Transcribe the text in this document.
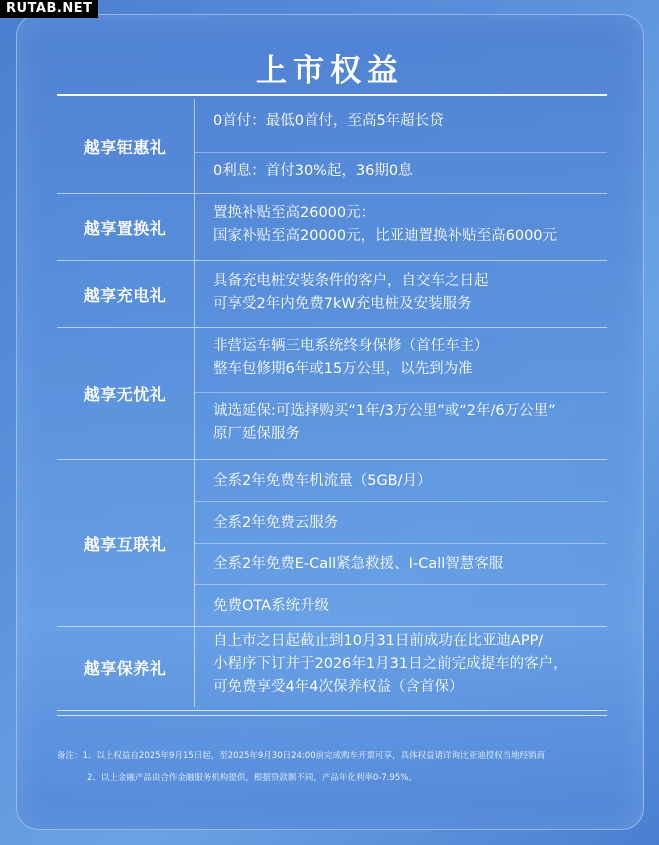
RUTAB.NET
上市权益
越享钜惠礼
0首付：最低0首付，至高5年超长贷
0利息：首付30%起，36期0息
越享置换礼
置换补贴至高26000元：
国家补贴至高20000元，比亚迪置换补贴至高6000元
越享充电礼
具备充电桩安装条件的客户，自交车之日起
可享受2年内免费7kW充电桩及安装服务
越享无忧礼
非营运车辆三电系统终身保修（首任车主）
整车包修期6年或15万公里，以先到为准
诚选延保:可选择购买“1年/3万公里”或“2年/6万公里”
原厂延保服务
越享互联礼
全系2年免费车机流量（5GB/月）
全系2年免费云服务
全系2年免费E-Call紧急救援、I-Call智慧客服
免费OTA系统升级
越享保养礼
自上市之日起截止到10月31日前成功在比亚迪APP/
小程序下订并于2026年1月31日之前完成提车的客户，
可免费享受4年4次保养权益（含首保）
备注：1、以上权益自2025年9月15日起，至2025年9月30日24:00前完成购车开票可享，具体权益请详询比亚迪授权当地经销商
2、以上金融产品由合作金融服务机构提供，根据贷款额不同，产品年化利率0-7.95%。
